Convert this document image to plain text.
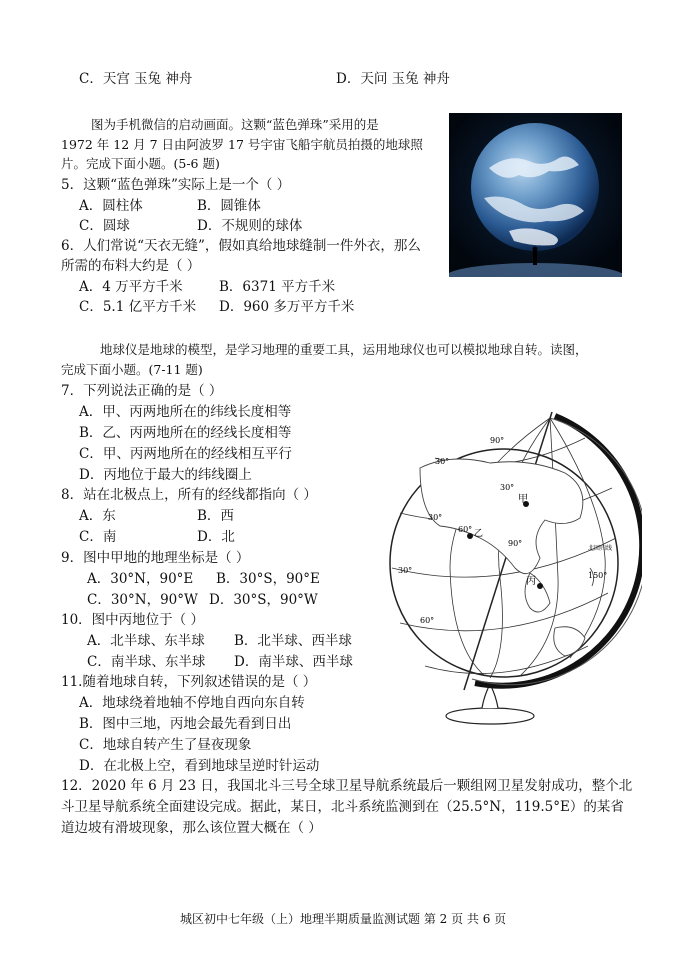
C．天宫 玉兔 神舟	D．天问 玉兔 神舟
图为手机微信的启动画面。这颗“蓝色弹珠”采用的是
1972 年 12 月 7 日由阿波罗 17 号宇宙飞船宇航员拍摄的地球照
片。完成下面小题。(5-6 题)
5．这颗“蓝色弹珠”实际上是一个（ ）
A．圆柱体	B．圆锥体
C．圆球	D．不规则的球体
6．人们常说“天衣无缝”，假如真给地球缝制一件外衣，那么
所需的布料大约是（ ）
A．4 万平方千米	B．6371 平方千米
C．5.1 亿平方千米 D．960 多万平方千米
地球仪是地球的模型，是学习地理的重要工具，运用地球仪也可以模拟地球自转。读图，
完成下面小题。(7-11 题)
7．下列说法正确的是（ ）
A．甲、丙两地所在的纬线长度相等
B．乙、丙两地所在的经线长度相等
C．甲、丙两地所在的经线相互平行
D．丙地位于最大的纬线圈上
8．站在北极点上，所有的经线都指向（ ）
A．东	B．西
C．南	D．北
9．图中甲地的地理坐标是（ ）
A．30°N，90°E B．30°S，90°E
C．30°N，90°W D．30°S，90°W
10．图中丙地位于（ ）
A．北半球、东半球 B．北半球、西半球
C．南半球、东半球 D．南半球、西半球
11.随着地球自转，下列叙述错误的是（ ）
A．地球绕着地轴不停地自西向东自转
B．图中三地，丙地会最先看到日出
C．地球自转产生了昼夜现象
D．在北极上空，看到地球呈逆时针运动
12．2020 年 6 月 23 日，我国北斗三号全球卫星导航系统最后一颗组网卫星发射成功，整个北
斗卫星导航系统全面建设完成。据此，某日，北斗系统监测到在（25.5°N，119.5°E）的某省
道边坡有滑坡现象，那么该位置大概在（ ）
甲
乙
丙
90°
30°
30°
30°
30°
150°
60°
60°
90°
北回归线
城区初中七年级（上）地理半期质量监测试题 第 2 页 共 6 页
